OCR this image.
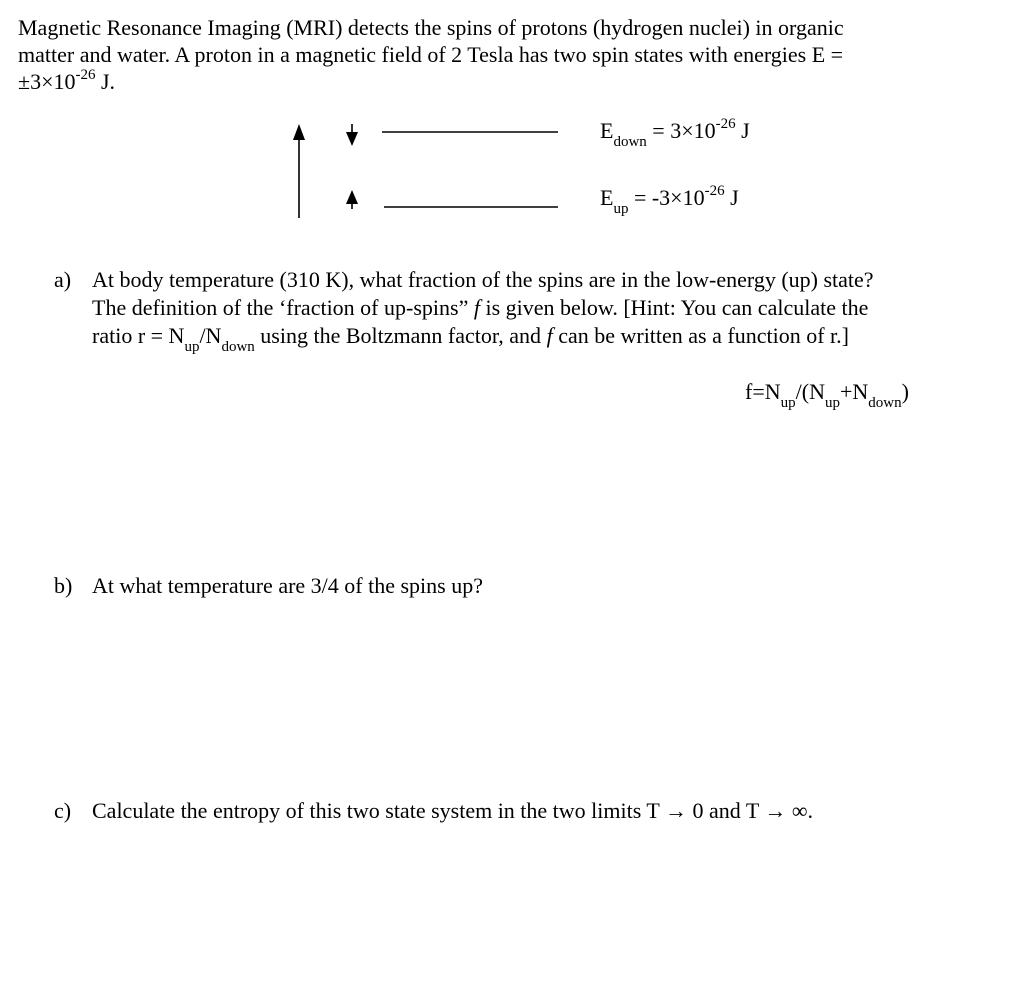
Magnetic Resonance Imaging (MRI) detects the spins of protons (hydrogen nuclei) in organic
matter and water. A proton in a magnetic field of 2 Tesla has two spin states with energies E =
$\pm 3\times 10^{-26}$ J.
$E_{down} = 3\times 10^{-26}$ J
$E_{up} = -3\times 10^{-26}$ J
a) At body temperature (310 K), what fraction of the spins are in the low-energy (up) state?
The definition of the ‘fraction of up-spins” f is given below. [Hint: You can calculate the
ratio $r = N_{up}/N_{down}$ using the Boltzmann factor, and f can be written as a function of r.]
$f=N_{up}/(N_{up}+N_{down})$
b) At what temperature are 3/4 of the spins up?
c) Calculate the entropy of this two state system in the two limits T → 0 and T → ∞.
